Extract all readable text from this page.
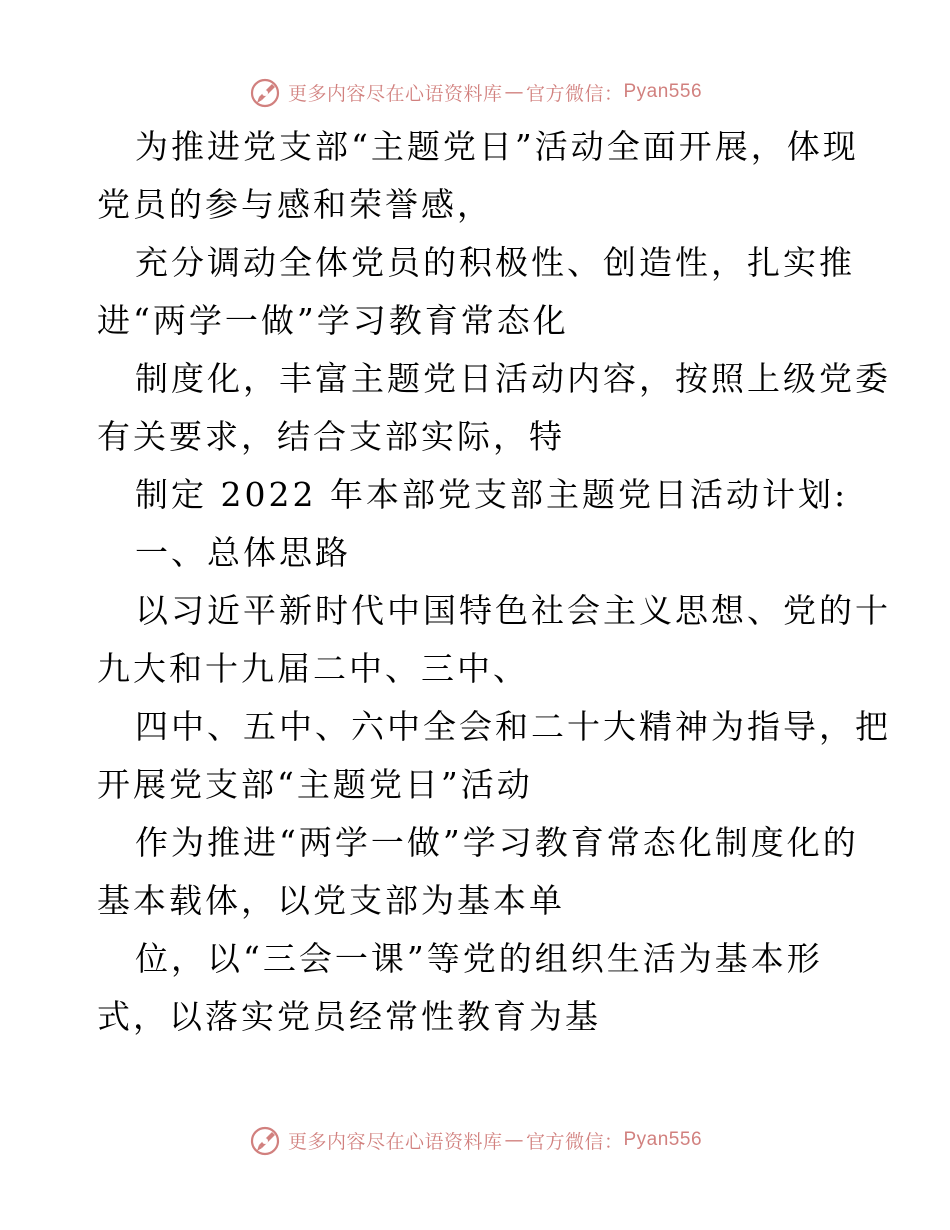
更多内容尽在心语资料库 — 官方微信： Pyan556
为推进党支部“主题党日”活动全面开展，体现
党员的参与感和荣誉感，
充分调动全体党员的积极性、创造性，扎实推
进“两学一做”学习教育常态化
制度化，丰富主题党日活动内容，按照上级党委
有关要求，结合支部实际，特
制定 2022 年本部党支部主题党日活动计划:
一、总体思路
以习近平新时代中国特色社会主义思想、党的十
九大和十九届二中、三中、
四中、五中、六中全会和二十大精神为指导，把
开展党支部“主题党日”活动
作为推进“两学一做”学习教育常态化制度化的
基本载体，以党支部为基本单
位，以“三会一课”等党的组织生活为基本形
式，以落实党员经常性教育为基
更多内容尽在心语资料库 — 官方微信： Pyan556
